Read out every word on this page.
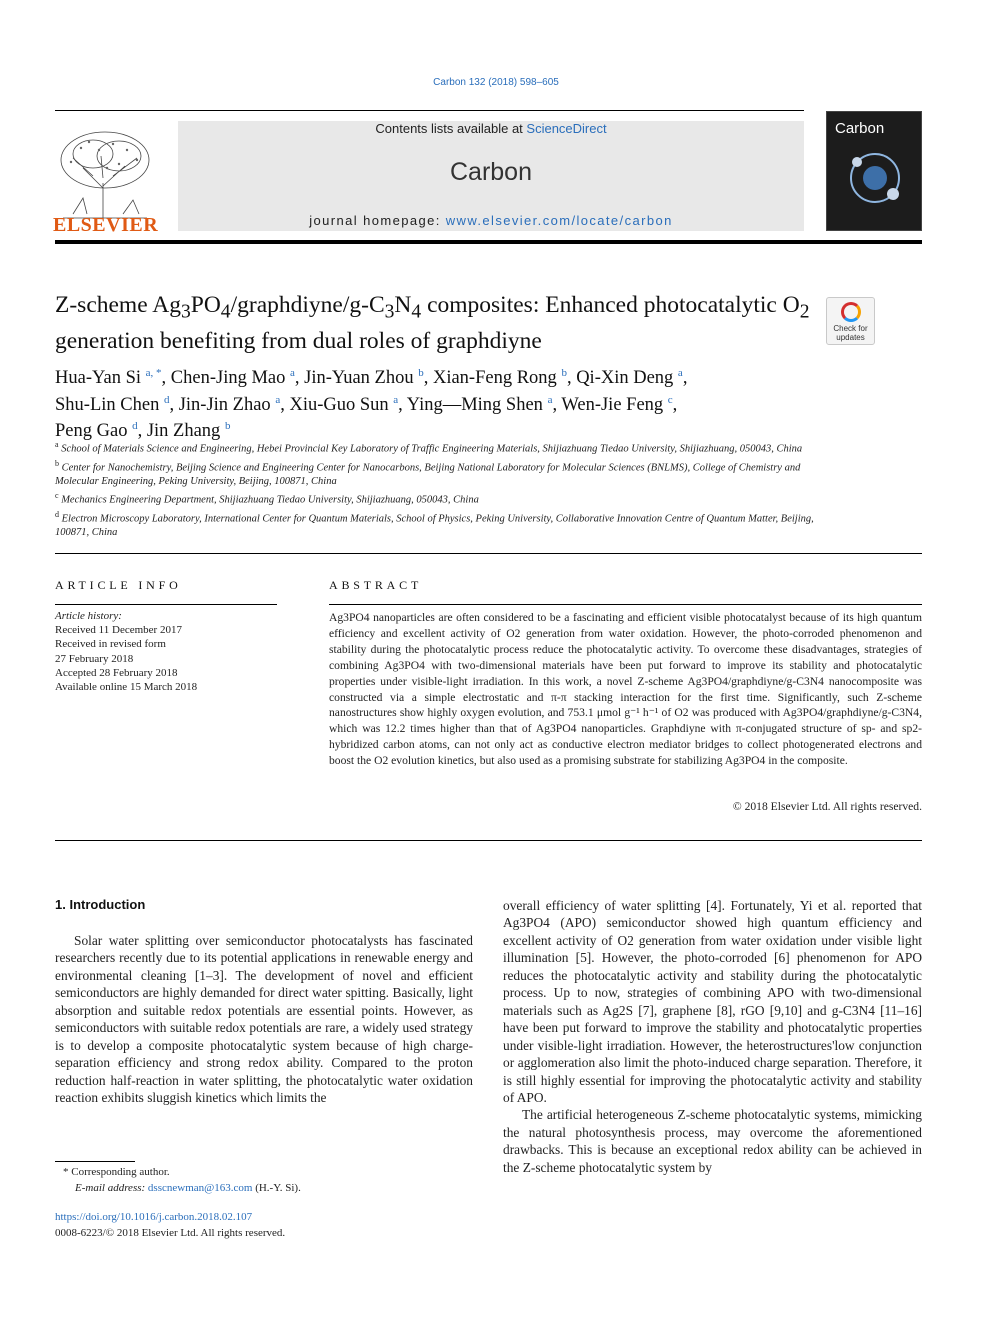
Carbon 132 (2018) 598–605
ELSEVIER
Contents lists available at ScienceDirect
Carbon
journal homepage: www.elsevier.com/locate/carbon
Carbon
Z-scheme $Ag_3PO_4/graphdiyne/g-C_3N_4$ composites: Enhanced photocatalytic $O_2$ generation benefiting from dual roles of graphdiyne	Check for
updates
Hua-Yan Si $^{a, *}$, Chen-Jing Mao $^a$, Jin-Yuan Zhou $^b$, Xian-Feng Rong $^b$, Qi-Xin Deng $^a$,
Shu-Lin Chen $^d$, Jin-Jin Zhao $^a$, Xiu-Guo Sun $^a$, Ying—Ming Shen $^a$, Wen-Jie Feng $^c$,
Peng Gao $^d$, Jin Zhang $^b$
$^a$ School of Materials Science and Engineering, Hebei Provincial Key Laboratory of Traffic Engineering Materials, Shijiazhuang Tiedao University, Shijiazhuang, 050043, China
$^b$ Center for Nanochemistry, Beijing Science and Engineering Center for Nanocarbons, Beijing National Laboratory for Molecular Sciences (BNLMS), College of Chemistry and Molecular Engineering, Peking University, Beijing, 100871, China
$^c$ Mechanics Engineering Department, Shijiazhuang Tiedao University, Shijiazhuang, 050043, China
$^d$ Electron Microscopy Laboratory, International Center for Quantum Materials, School of Physics, Peking University, Collaborative Innovation Centre of Quantum Matter, Beijing, 100871, China
ARTICLE INFO	ABSTRACT
Article history:
Received 11 December 2017
Received in revised form
27 February 2018
Accepted 28 February 2018
Available online 15 March 2018
Ag3PO4 nanoparticles are often considered to be a fascinating and efficient visible photocatalyst because of its high quantum efficiency and excellent activity of O2 generation from water oxidation. However, the photo-corroded phenomenon and stability during the photocatalytic process reduce the photocatalytic activity. To overcome these disadvantages, strategies of combining Ag3PO4 with two-dimensional materials have been put forward to improve its stability and photocatalytic properties under visible-light irradiation. In this work, a novel Z-scheme Ag3PO4/graphdiyne/g-C3N4 nanocomposite was constructed via a simple electrostatic and π-π stacking interaction for the first time. Significantly, such Z-scheme nanostructures show highly oxygen evolution, and 753.1 μmol g⁻¹ h⁻¹ of O2 was produced with Ag3PO4/graphdiyne/g-C3N4, which was 12.2 times higher than that of Ag3PO4 nanoparticles. Graphdiyne with π-conjugated structure of sp- and sp2-hybridized carbon atoms, can not only act as conductive electron mediator bridges to collect photogenerated electrons and boost the O2 evolution kinetics, but also used as a promising substrate for stabilizing Ag3PO4 in the composite.
© 2018 Elsevier Ltd. All rights reserved.
1. Introduction

Solar water splitting over semiconductor photocatalysts has fascinated researchers recently due to its potential applications in renewable energy and environmental cleaning [1–3]. The development of novel and efficient semiconductors are highly demanded for direct water spitting. Basically, light absorption and suitable redox potentials are essential points. However, as semiconductors with suitable redox potentials are rare, a widely used strategy is to develop a composite photocatalytic system because of high charge-separation efficiency and strong redox ability. Compared to the proton reduction half-reaction in water splitting, the photocatalytic water oxidation reaction exhibits sluggish kinetics which limits the

overall efficiency of water splitting [4]. Fortunately, Yi et al. reported that Ag3PO4 (APO) semiconductor showed high quantum efficiency and excellent activity of O2 generation from water oxidation under visible light illumination [5]. However, the photo-corroded [6] phenomenon for APO reduces the photocatalytic activity and stability during the photocatalytic process. Up to now, strategies of combining APO with two-dimensional materials such as Ag2S [7], graphene [8], rGO [9,10] and g-C3N4 [11–16] have been put forward to improve the stability and photocatalytic properties under visible-light irradiation. However, the heterostructures'low conjunction or agglomeration also limit the photo-induced charge separation. Therefore, it is still highly essential for improving the photocatalytic activity and stability of APO.

The artificial heterogeneous Z-scheme photocatalytic systems, mimicking the natural photosynthesis process, may overcome the aforementioned drawbacks. This is because an exceptional redox ability can be achieved in the Z-scheme photocatalytic system by

* Corresponding author.
E-mail address: dsscnewman@163.com (H.-Y. Si).
https://doi.org/10.1016/j.carbon.2018.02.107
0008-6223/© 2018 Elsevier Ltd. All rights reserved.
